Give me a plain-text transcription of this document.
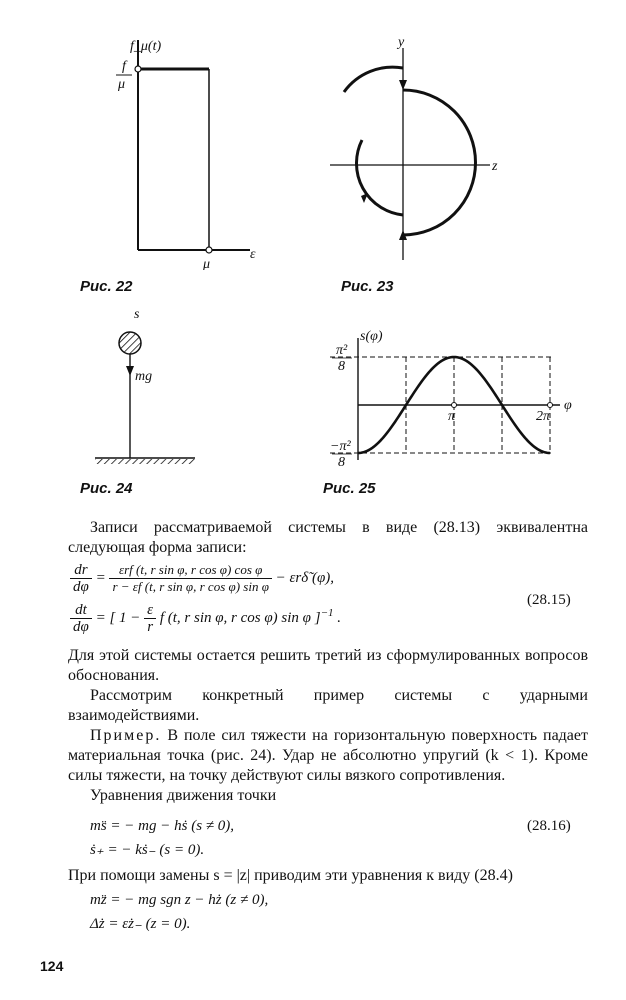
f_μ(t)
f
μ
μ
ε
Рис. 22
y
z
Рис. 23
s
mg
Рис. 24
s(φ)
φ
π²
8
−π²
8
π	2π
Рис. 25

Записи рассматриваемой системы в виде (28.13) эквивалентна следующая форма записи:

$\frac{dr}{d\varphi} = \frac{\text{εrf (t, r sin φ, r cos φ) cos φ}}{\text{r − εf (t, r sin φ, r cos φ) sin φ}}$ − εrδ̃ (φ),
$\frac{dt}{d\varphi}$ = [ $1 - \frac{\varepsilon}{r}$ f (t, r sin φ, r cos φ) sin φ ]$^{-1}$ .
(28.15)

Для этой системы остается решить третий из сформулированных вопросов обоснования.

Рассмотрим конкретный пример системы с ударными взаимодействиями.

Пример. В поле сил тяжести на горизонтальную поверхность падает материальная точка (рис. 24). Удар не абсолютно упругий (k < 1). Кроме силы тяжести, на точку действуют силы вязкого сопротивления.

Уравнения движения точки

ms̈ = − mg − hṡ (s ≠ 0),
ṡ₊ = − kṡ₋ (s = 0).
(28.16)

При помощи замены s = |z| приводим эти уравнения к виду (28.4)

mz̈ = − mg sgn z − hż (z ≠ 0),
Δż = εż₋ (z = 0).
124
